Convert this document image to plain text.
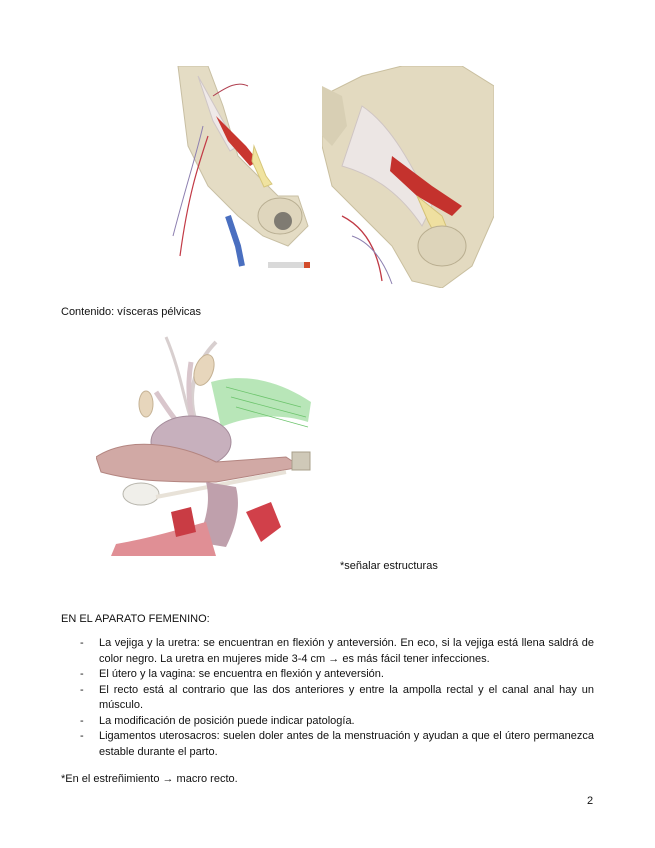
Contenido: vísceras pélvicas
*señalar estructuras
EN EL APARATO FEMENINO:
- La vejiga y la uretra: se encuentran en flexión y anteversión. En eco, si la vejiga está llena saldrá de color negro. La uretra en mujeres mide 3-4 cm → es más fácil tener infecciones.
- El útero y la vagina: se encuentra en flexión y anteversión.
- El recto está al contrario que las dos anteriores y entre la ampolla rectal y el canal anal hay un músculo.
- La modificación de posición puede indicar patología.
- Ligamentos uterosacros: suelen doler antes de la menstruación y ayudan a que el útero permanezca estable durante el parto.
*En el estreñimiento → macro recto.
2
